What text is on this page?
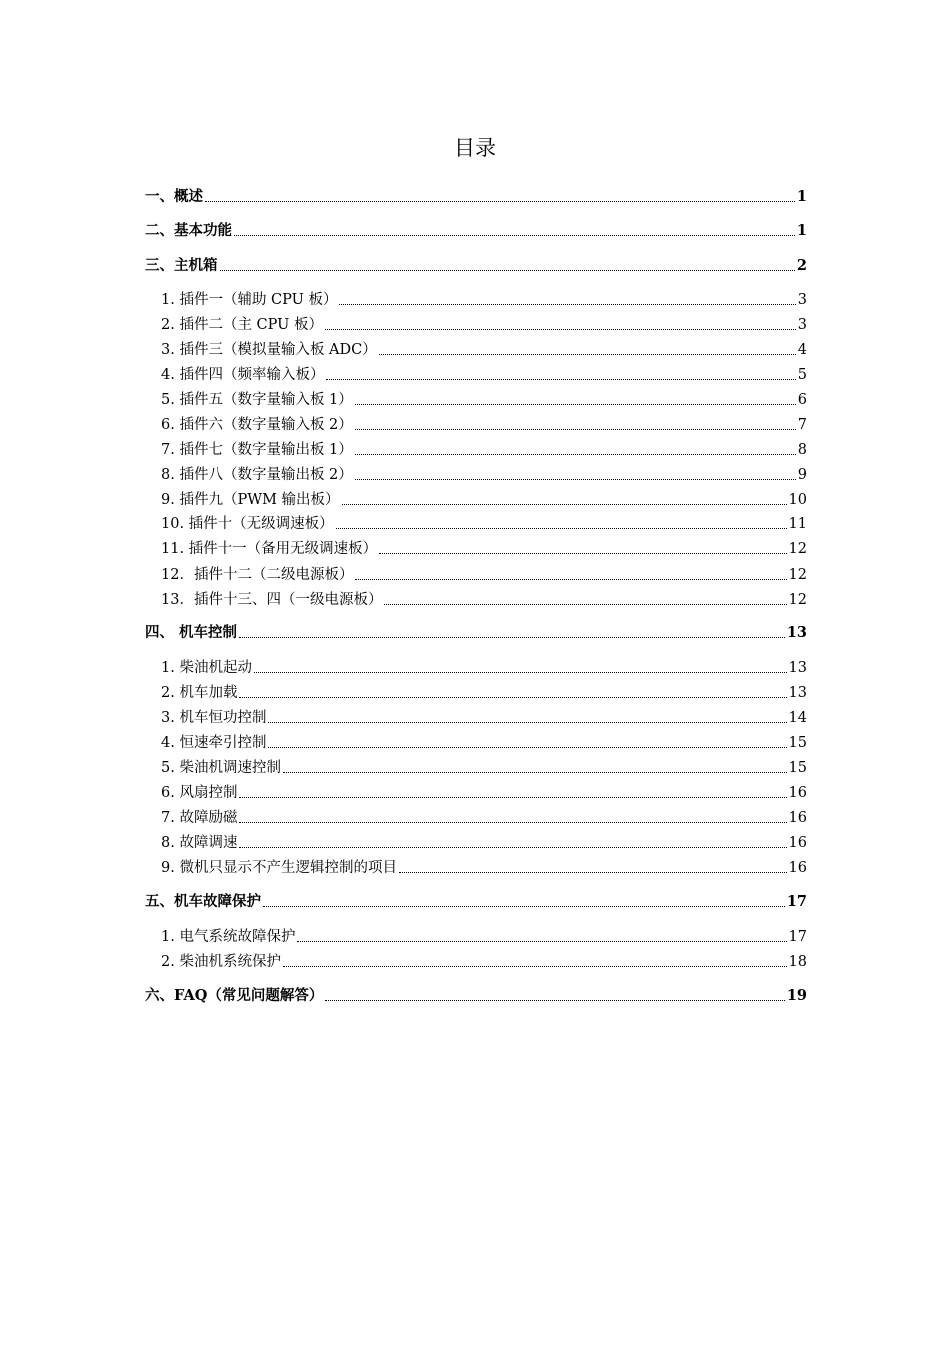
目录
一、概述	1
二、基本功能	1
三、主机箱	2
1. 插件一（辅助 CPU 板）	3
2. 插件二（主 CPU 板）	3
3. 插件三（模拟量输入板 ADC）	4
4. 插件四（频率输入板）	5
5. 插件五（数字量输入板 1）	6
6. 插件六（数字量输入板 2）	7
7. 插件七（数字量输出板 1）	8
8. 插件八（数字量输出板 2）	9
9. 插件九（PWM 输出板）	10
10. 插件十（无级调速板）	11
11. 插件十一（备用无级调速板）	12
12．插件十二（二级电源板）	12
13．插件十三、四（一级电源板）	12
四、 机车控制	13
1. 柴油机起动	13
2. 机车加载	13
3. 机车恒功控制	14
4. 恒速牵引控制	15
5. 柴油机调速控制	15
6. 风扇控制	16
7. 故障励磁	16
8. 故障调速	16
9. 微机只显示不产生逻辑控制的项目	16
五、机车故障保护	17
1. 电气系统故障保护	17
2. 柴油机系统保护	18
六、FAQ（常见问题解答）	19
